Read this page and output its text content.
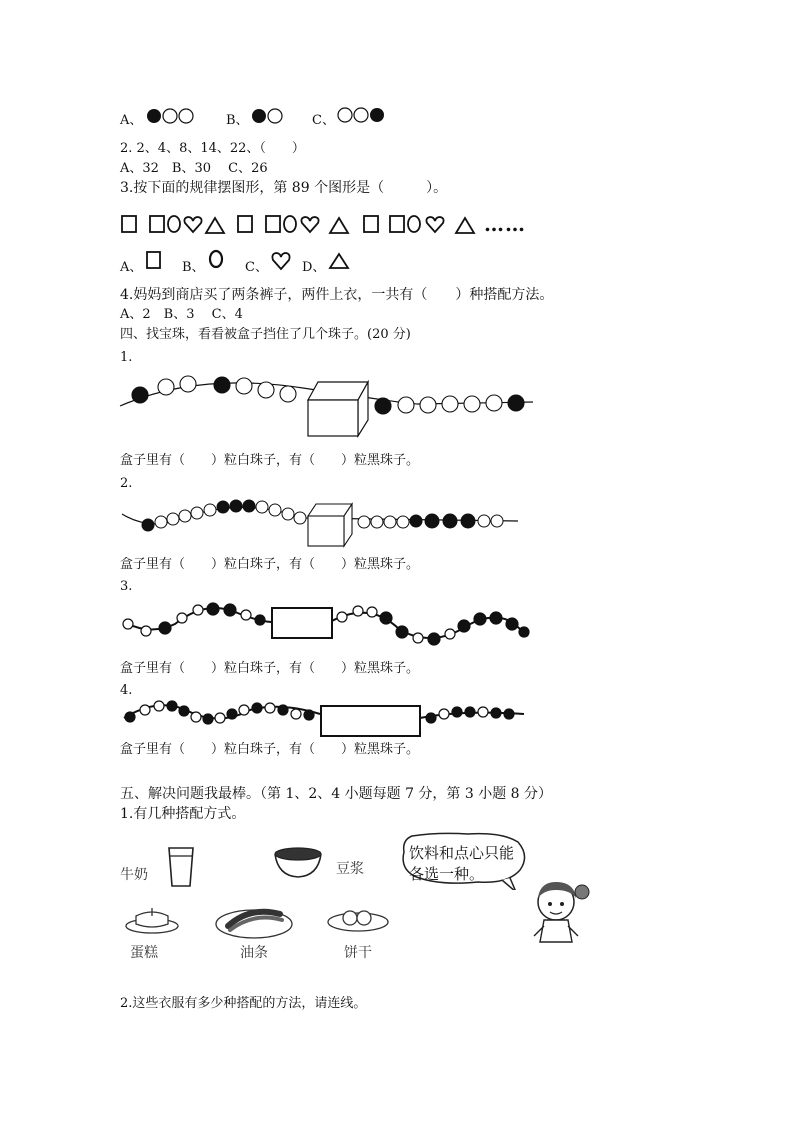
A、	B、	C、
2. 2、4、8、14、22、（　　）
A、32　B、30　 C、26
3.按下面的规律摆图形，第 89 个图形是（　　　）。
……
A、	B、	C、	D、
4.妈妈到商店买了两条裤子，两件上衣，一共有（　　）种搭配方法。
A、2　B、3　 C、4
四、找宝珠，看看被盒子挡住了几个珠子。(20 分)
1.
盒子里有（　　）粒白珠子，有（　　）粒黑珠子。
2.
盒子里有（　　）粒白珠子，有（　　）粒黑珠子。
3.
盒子里有（　　）粒白珠子，有（　　）粒黑珠子。
4.
盒子里有（　　）粒白珠子，有（　　）粒黑珠子。
五、解决问题我最棒。（第 1、2、4 小题每题 7 分，第 3 小题 8 分）
1.有几种搭配方式。
牛奶	豆浆
饮料和点心只能
各选一种。
蛋糕	油条	饼干
2.这些衣服有多少种搭配的方法，请连线。
